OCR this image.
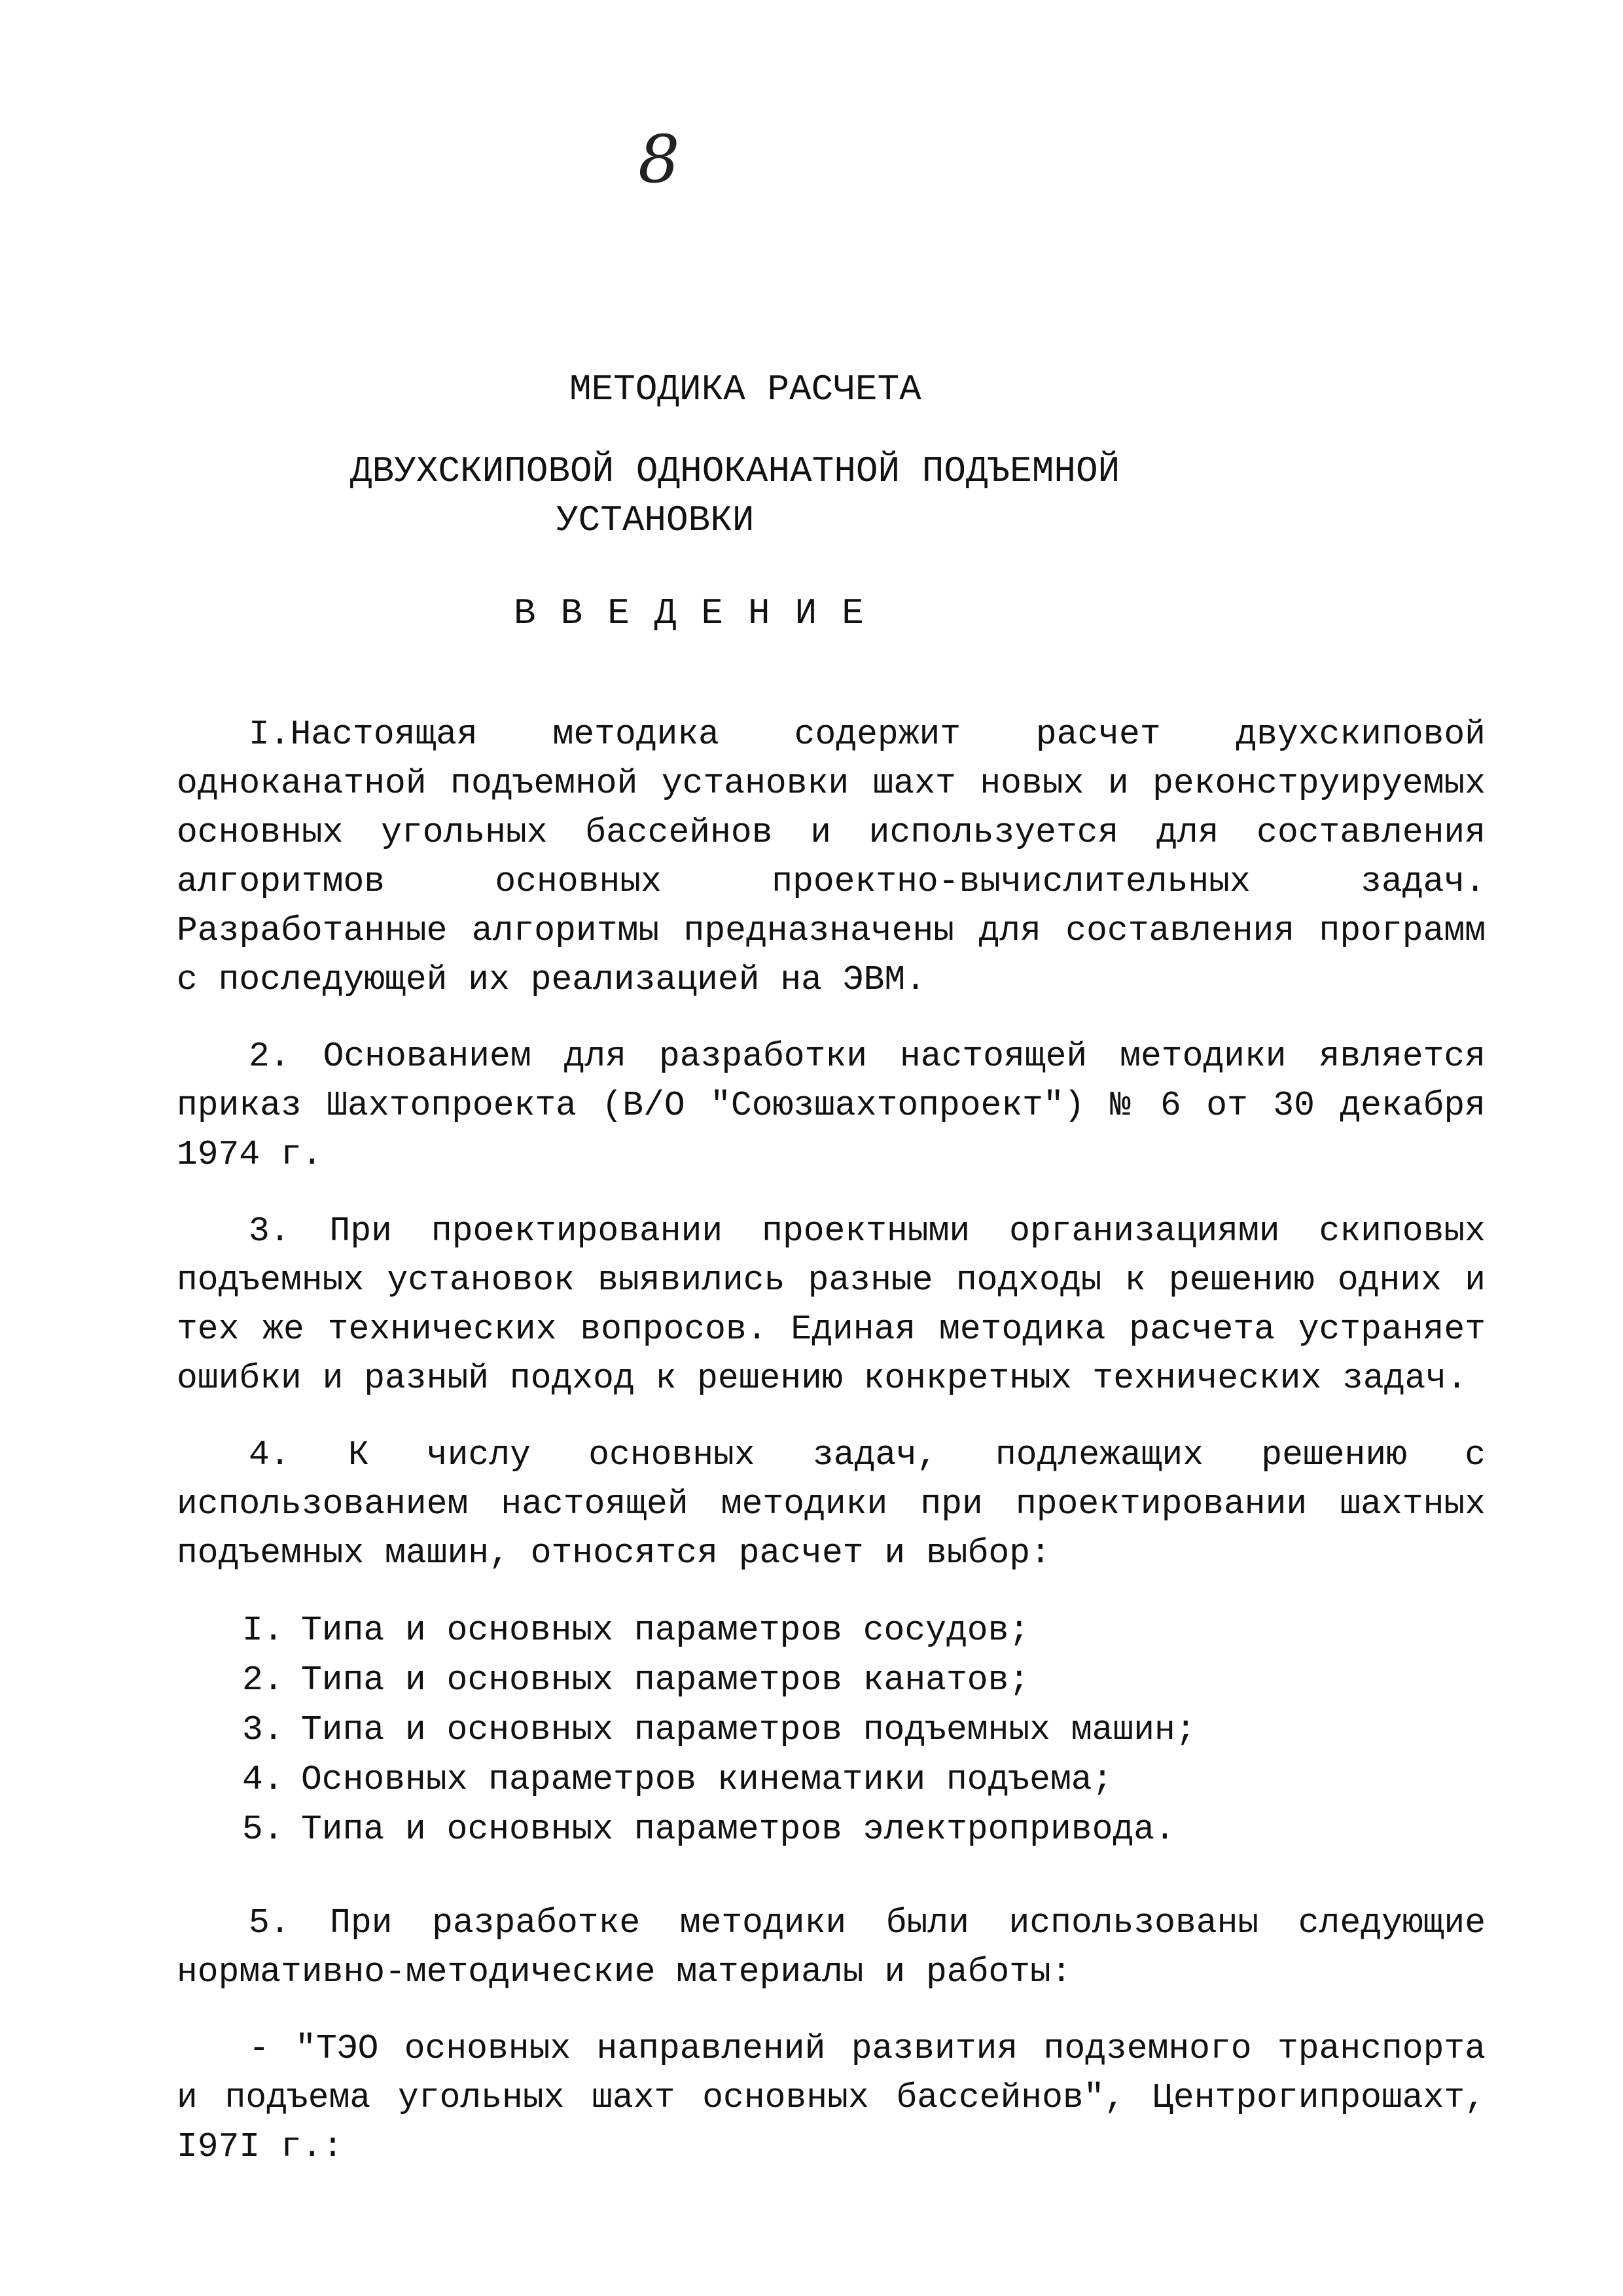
8
МЕТОДИКА РАСЧЕТА
ДВУХСКИПОВОЙ ОДНОКАНАТНОЙ ПОДЪЕМНОЙ
УСТАНОВКИ
ВВЕДЕНИЕ

I.Настоящая методика содержит расчет двухскиповой одноканатной подъемной установки шахт новых и реконструируемых основных угольных бассейнов и используется для составления алгоритмов основных проектно-вычислительных задач. Разработанные алгоритмы предназначены для составления программ с последующей их реализацией на ЭВМ.

2. Основанием для разработки настоящей методики является приказ Шахтопроекта (В/О "Союзшахтопроект") № 6 от 30 декабря 1974 г.

3. При проектировании проектными организациями скиповых подъемных установок выявились разные подходы к решению одних и тех же технических вопросов. Единая методика расчета устраняет ошибки и разный подход к решению конкретных технических задач.

4. К числу основных задач, подлежащих решению с использованием настоящей методики при проектировании шахтных подъемных машин, относятся расчет и выбор:

I. Типа и основных параметров сосудов;
2. Типа и основных параметров канатов;
3. Типа и основных параметров подъемных машин;
4. Основных параметров кинематики подъема;
5. Типа и основных параметров электропривода.

5. При разработке методики были использованы следующие нормативно-методические материалы и работы:

- "ТЭО основных направлений развития подземного транспорта и подъема угольных шахт основных бассейнов", Центрогипрошахт, I97I г.:
